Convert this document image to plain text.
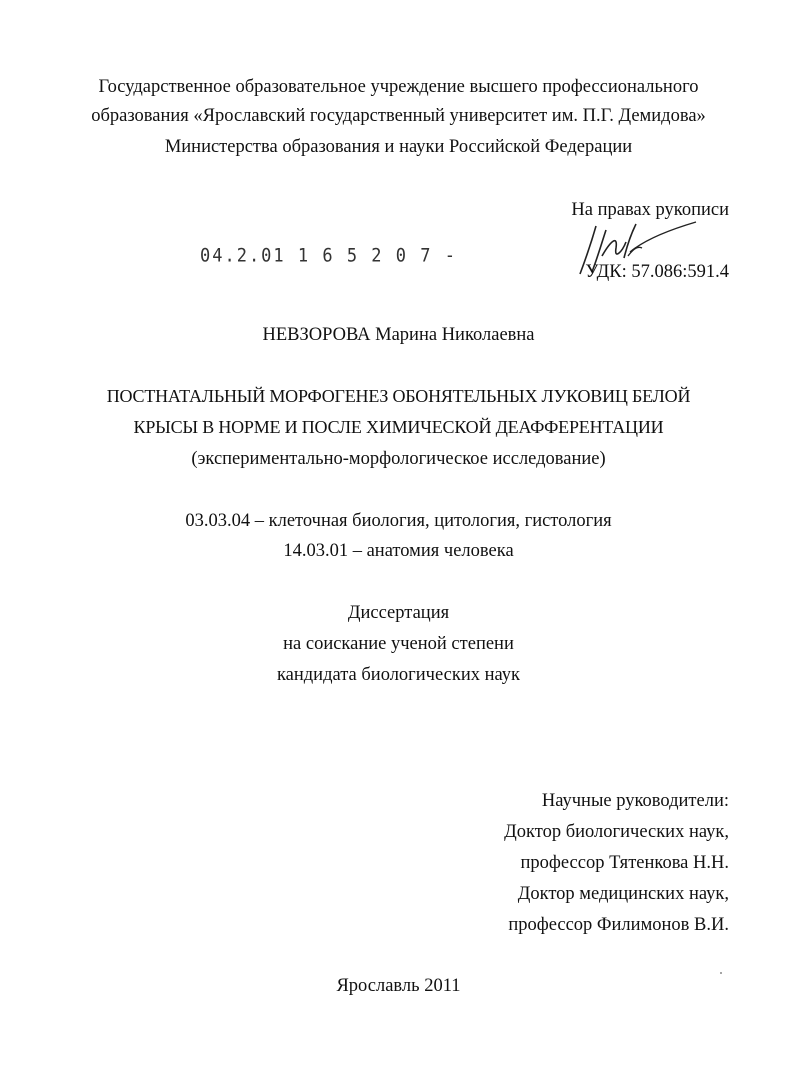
Государственное образовательное учреждение высшего профессионального
образования «Ярославский государственный университет им. П.Г. Демидова»
Министерства образования и науки Российской Федерации
На правах рукописи
04.2.01 1 6 5 2 0 7 -
УДК: 57.086:591.4
НЕВЗОРОВА Марина Николаевна
ПОСТНАТАЛЬНЫЙ МОРФОГЕНЕЗ ОБОНЯТЕЛЬНЫХ ЛУКОВИЦ БЕЛОЙ
КРЫСЫ В НОРМЕ И ПОСЛЕ ХИМИЧЕСКОЙ ДЕАФФЕРЕНТАЦИИ
(экспериментально-морфологическое исследование)
03.03.04 – клеточная биология, цитология, гистология
14.03.01 – анатомия человека
Диссертация
на соискание ученой степени
кандидата биологических наук
Научные руководители:
Доктор биологических наук,
профессор Тятенкова Н.Н.
Доктор медицинских наук,
профессор Филимонов В.И.
Ярославль 2011
